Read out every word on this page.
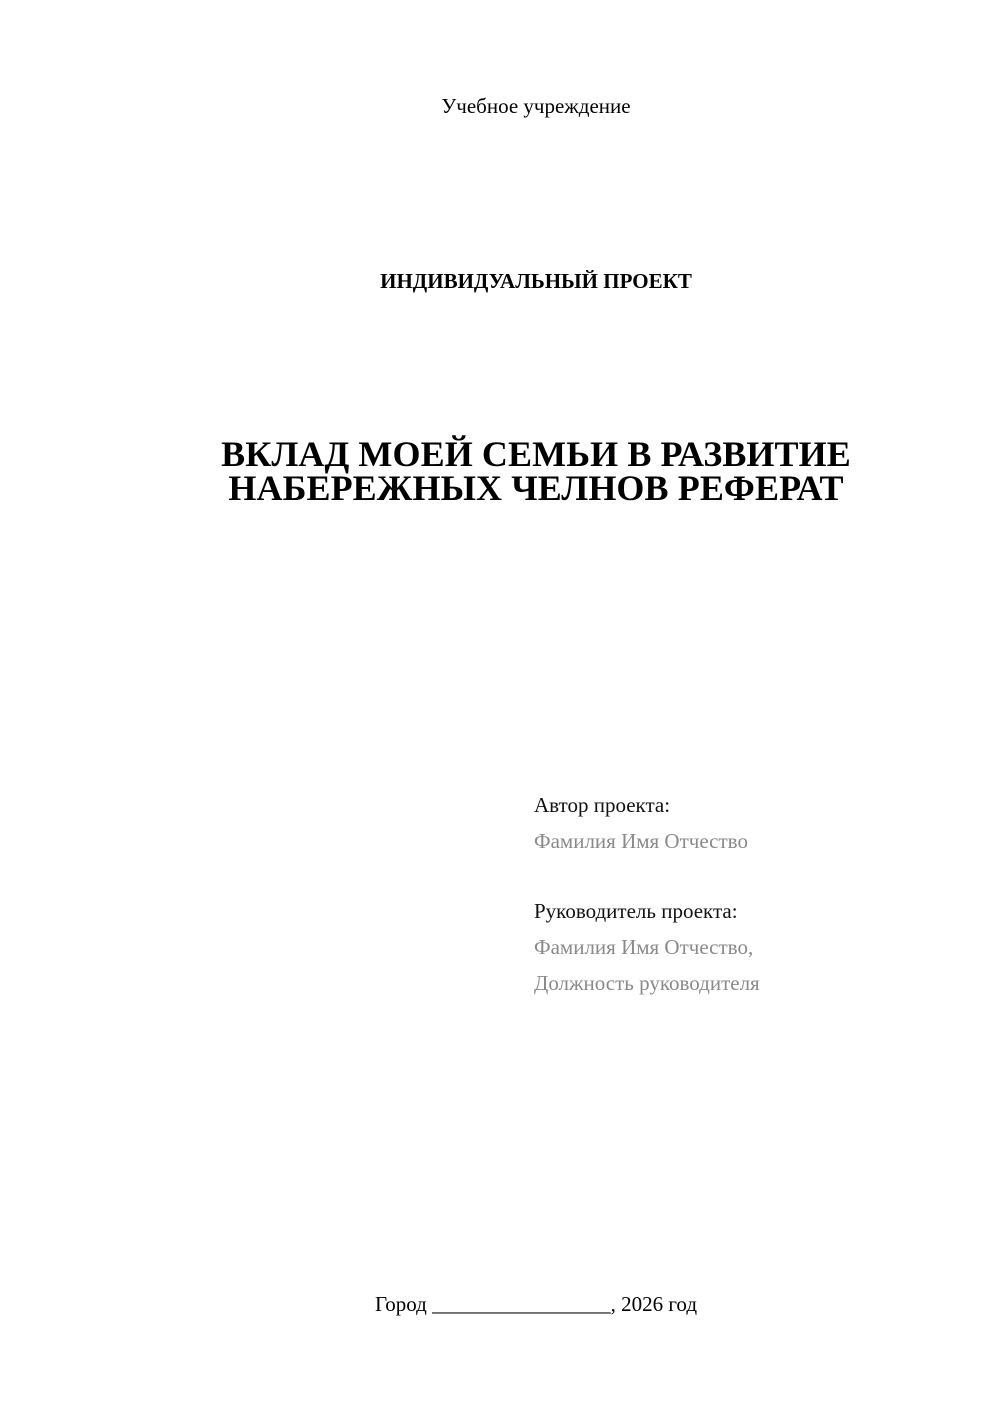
Учебное учреждение
ИНДИВИДУАЛЬНЫЙ ПРОЕКТ
ВКЛАД МОЕЙ СЕМЬИ В РАЗВИТИЕ
НАБЕРЕЖНЫХ ЧЕЛНОВ РЕФЕРАТ
Автор проекта:
Фамилия Имя Отчество
Руководитель проекта:
Фамилия Имя Отчество,
Должность руководителя
Город _________________, 2026 год
